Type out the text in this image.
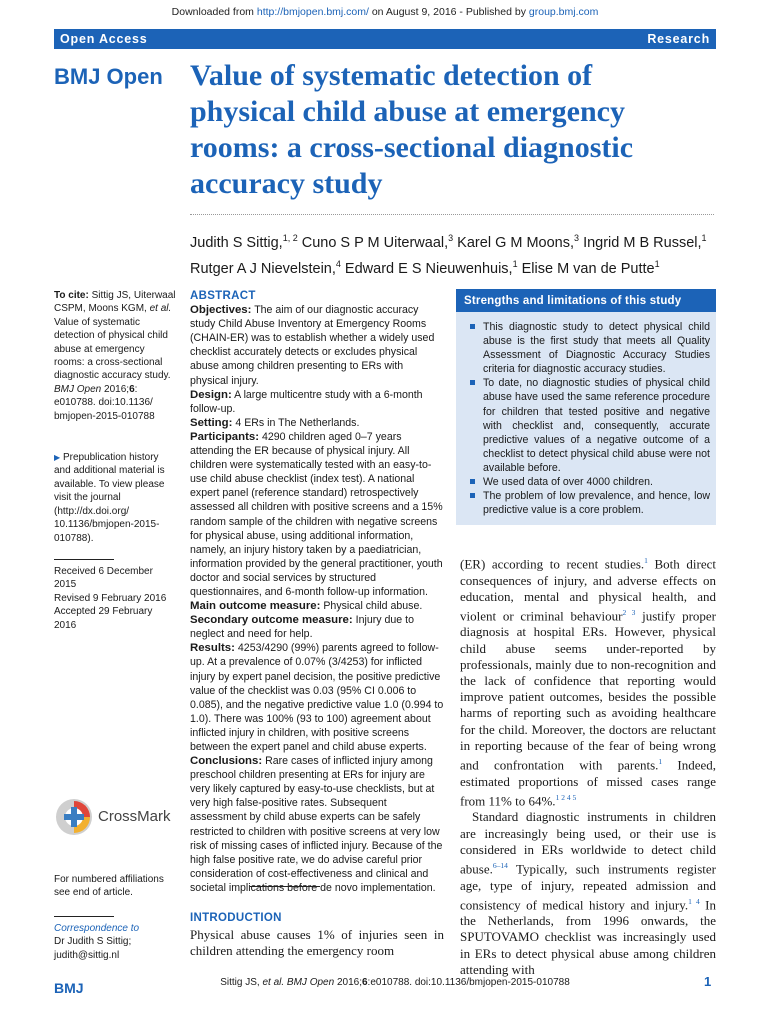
Downloaded from http://bmjopen.bmj.com/ on August 9, 2016 - Published by group.bmj.com
Open Access	Research
BMJ Open Value of systematic detection of physical child abuse at emergency rooms: a cross-sectional diagnostic accuracy study
Judith S Sittig,$^{1, 2}$ Cuno S P M Uiterwaal,$^3$ Karel G M Moons,$^3$ Ingrid M B Russel,$^1$
Rutger A J Nievelstein,$^4$ Edward E S Nieuwenhuis,$^1$ Elise M van de Putte$^1$

To cite: Sittig JS, Uiterwaal CSPM, Moons KGM, et al. Value of systematic detection of physical child abuse at emergency rooms: a cross-sectional diagnostic accuracy study. BMJ Open 2016;6: e010788. doi:10.1136/ bmjopen-2015-010788

▶ Prepublication history and additional material is available. To view please visit the journal (http://dx.doi.org/ 10.1136/bmjopen-2015- 010788).

Received 6 December 2015

Revised 9 February 2016

Accepted 29 February 2016

CrossMark
For numbered affiliations see end of article.
Correspondence to
Dr Judith S Sittig;
judith@sittig.nl
ABSTRACT

Objectives: The aim of our diagnostic accuracy study Child Abuse Inventory at Emergency Rooms (CHAIN-ER) was to establish whether a widely used checklist accurately detects or excludes physical abuse among children presenting to ERs with physical injury.

Design: A large multicentre study with a 6-month follow-up.

Setting: 4 ERs in The Netherlands.

Participants: 4290 children aged 0–7 years attending the ER because of physical injury. All children were systematically tested with an easy-to-use child abuse checklist (index test). A national expert panel (reference standard) retrospectively assessed all children with positive screens and a 15% random sample of the children with negative screens for physical abuse, using additional information, namely, an injury history taken by a paediatrician, information provided by the general practitioner, youth doctor and social services by structured questionnaires, and 6-month follow-up information.

Main outcome measure: Physical child abuse.

Secondary outcome measure: Injury due to neglect and need for help.

Results: 4253/4290 (99%) parents agreed to follow-up. At a prevalence of 0.07% (3/4253) for inflicted injury by expert panel decision, the positive predictive value of the checklist was 0.03 (95% CI 0.006 to 0.085), and the negative predictive value 1.0 (0.994 to 1.0). There was 100% (93 to 100) agreement about inflicted injury in children, with positive screens between the expert panel and child abuse experts.

Conclusions: Rare cases of inflicted injury among preschool children presenting at ERs for injury are very likely captured by easy-to-use checklists, but at very high false-positive rates. Subsequent assessment by child abuse experts can be safely restricted to children with positive screens at very low risk of missing cases of inflicted injury. Because of the high false positive rate, we do advise careful prior consideration of cost-effectiveness and clinical and societal implications before de novo implementation.

INTRODUCTION

Physical abuse causes 1% of injuries seen in children attending the emergency room

Strengths and limitations of this study
This diagnostic study to detect physical child abuse is the first study that meets all Quality Assessment of Diagnostic Accuracy Studies criteria for diagnostic accuracy studies.
To date, no diagnostic studies of physical child abuse have used the same reference procedure for children that tested positive and negative with checklist and, consequently, accurate predictive values of a negative outcome of a checklist to detect physical child abuse were not available before.
We used data of over 4000 children.
The problem of low prevalence, and hence, low predictive value is a core problem.

(ER) according to recent studies.$^1$ Both direct consequences of injury, and adverse effects on education, mental and physical health, and violent or criminal behaviour$^{2 3}$ justify proper diagnosis at hospital ERs. However, physical child abuse seems under-reported by professionals, mainly due to non-recognition and the lack of confidence that reporting would improve patient outcomes, besides the possible harms of reporting such as avoiding healthcare for the child. Moreover, the doctors are reluctant in reporting because of the fear of being wrong and confrontation with parents.$^1$ Indeed, estimated proportions of missed cases range from 11% to 64%.$^{1 2 4 5}$

Standard diagnostic instruments in children are increasingly being used, or their use is considered in ERs worldwide to detect child abuse.$^{6-14}$ Typically, such instruments register age, type of injury, repeated admission and consistency of medical history and injury.$^{1 4}$ In the Netherlands, from 1996 onwards, the SPUTOVAMO checklist was increasingly used in ERs to detect physical abuse among children attending with

BMJ	Sittig JS, et al. BMJ Open 2016;6:e010788. doi:10.1136/bmjopen-2015-010788	1
